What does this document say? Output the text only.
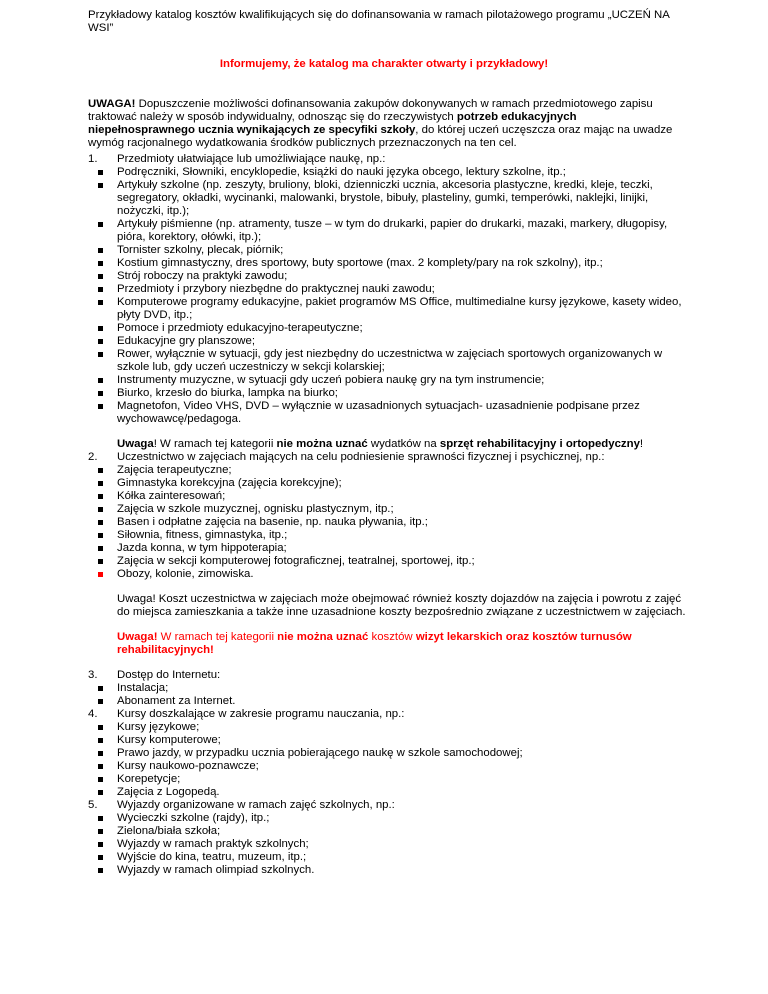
Przykładowy katalog kosztów kwalifikujących się do dofinansowania w ramach pilotażowego programu „UCZEŃ NA WSI”
Informujemy, że katalog ma charakter otwarty i przykładowy!
UWAGA! Dopuszczenie możliwości dofinansowania zakupów dokonywanych w ramach przedmiotowego zapisu traktować należy w sposób indywidualny, odnosząc się do rzeczywistych potrzeb edukacyjnych niepełnosprawnego ucznia wynikających ze specyfiki szkoły, do której uczeń uczęszcza oraz mając na uwadze wymóg racjonalnego wydatkowania środków publicznych przeznaczonych na ten cel.
1. Przedmioty ułatwiające lub umożliwiające naukę, np.:
Podręczniki, Słowniki, encyklopedie, książki do nauki języka obcego, lektury szkolne, itp.;
Artykuły szkolne (np. zeszyty, bruliony, bloki, dzienniczki ucznia, akcesoria plastyczne, kredki, kleje, teczki, segregatory, okładki, wycinanki, malowanki, brystole, bibuły, plasteliny, gumki, temperówki, naklejki, linijki, nożyczki, itp.);
Artykuły piśmienne (np. atramenty, tusze – w tym do drukarki, papier do drukarki, mazaki, markery, długopisy, pióra, korektory, ołówki, itp.);
Tornister szkolny, plecak, piórnik;
Kostium gimnastyczny, dres sportowy, buty sportowe (max. 2 komplety/pary na rok szkolny), itp.;
Strój roboczy na praktyki zawodu;
Przedmioty i przybory niezbędne do praktycznej nauki zawodu;
Komputerowe programy edukacyjne, pakiet programów MS Office, multimedialne kursy językowe, kasety wideo, płyty DVD, itp.;
Pomoce i przedmioty edukacyjno-terapeutyczne;
Edukacyjne gry planszowe;
Rower, wyłącznie w sytuacji, gdy jest niezbędny do uczestnictwa w zajęciach sportowych organizowanych w szkole lub, gdy uczeń uczestniczy w sekcji kolarskiej;
Instrumenty muzyczne, w sytuacji gdy uczeń pobiera naukę gry na tym instrumencie;
Biurko, krzesło do biurka, lampka na biurko;
Magnetofon, Video VHS, DVD – wyłącznie w uzasadnionych sytuacjach- uzasadnienie podpisane przez wychowawcę/pedagoga.
Uwaga! W ramach tej kategorii nie można uznać wydatków na sprzęt rehabilitacyjny i ortopedyczny!
2. Uczestnictwo w zajęciach mających na celu podniesienie sprawności fizycznej i psychicznej, np.:
Zajęcia terapeutyczne;
Gimnastyka korekcyjna (zajęcia korekcyjne);
Kółka zainteresowań;
Zajęcia w szkole muzycznej, ognisku plastycznym, itp.;
Basen i odpłatne zajęcia na basenie, np. nauka pływania, itp.;
Siłownia, fitness, gimnastyka, itp.;
Jazda konna, w tym hippoterapia;
Zajęcia w sekcji komputerowej fotograficznej, teatralnej, sportowej, itp.;
Obozy, kolonie, zimowiska.
Uwaga! Koszt uczestnictwa w zajęciach może obejmować również koszty dojazdów na zajęcia i powrotu z zajęć do miejsca zamieszkania a także inne uzasadnione koszty bezpośrednio związane z uczestnictwem w zajęciach.
Uwaga! W ramach tej kategorii nie można uznać kosztów wizyt lekarskich oraz kosztów turnusów rehabilitacyjnych!
3. Dostęp do Internetu:
Instalacja;
Abonament za Internet.
4. Kursy doszkalające w zakresie programu nauczania, np.:
Kursy językowe;
Kursy komputerowe;
Prawo jazdy, w przypadku ucznia pobierającego naukę w szkole samochodowej;
Kursy naukowo-poznawcze;
Korepetycje;
Zajęcia z Logopedą.
5. Wyjazdy organizowane w ramach zajęć szkolnych, np.:
Wycieczki szkolne (rajdy), itp.;
Zielona/biała szkoła;
Wyjazdy w ramach praktyk szkolnych;
Wyjście do kina, teatru, muzeum, itp.;
Wyjazdy w ramach olimpiad szkolnych.
